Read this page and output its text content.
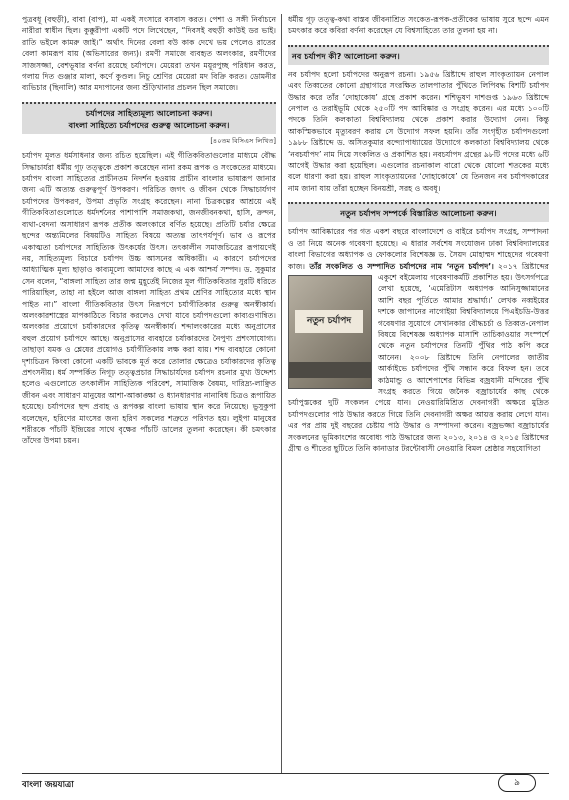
পুত্রবধূ (বহুড়ী), বাবা (বাপ), মা একই সংসারে বসবাস করত। পেশা ও সঙ্গী নির্বাচনে নারীরা স্বাধীন ছিল। কুক্কুরীপা একটি পদে লিখেছেন, “দিবসই বহুড়ী কাউই ডর ভাই। রাতি ভইলে কামরু জাই।” অর্থাৎ দিনের বেলা বউ কাক দেখে ভয় পেলেও রাতের বেলা কামরূপ যায় (অভিসারের জন্য)। রমণী সমাজে ব্যবহৃত অলংকার, রমণীদের সাজসজ্জা, বেশভূষার বর্ণনা রয়েছে চর্যাপদে। মেয়েরা তখন ময়ূরপুচ্ছ পরিধান করত, গলায় দিত গুঞ্জার মালা, কর্ণে কুণ্ডল। নিচু শ্রেণির মেয়েরা মদ বিক্রি করত। ডোমনীর ব্যভিচার (ছিনালি) আর মদ্যপানের জন্য শুঁড়িখানার প্রচলন ছিল সমাজে।

চর্যাপদের সাহিত্যমূল্য আলোচনা করুন।
বাংলা সাহিত্যে চর্যাপদের গুরুত্ব আলোচনা করুন।
[৪০তম বিসিএস লিখিত]

চর্যাপদ মূলত ধর্মসাধনার জন্য রচিত হয়েছিল। এই গীতিকবিতাগুলোর মাধ্যমে বৌদ্ধ সিদ্ধাচার্যরা ধর্মীয় গূঢ় তত্ত্বকে প্রকাশ করেছেন নানা রকম রূপক ও সংকেতের মাধ্যমে। চর্যাপদ বাংলা সাহিত্যের প্রাচীনতম নিদর্শন হওয়ায় প্রাচীন বাংলার ভাষারূপ জানার জন্য এটি অত্যন্ত গুরুত্বপূর্ণ উপকরণ। পরিচিত জগৎ ও জীবন থেকে সিদ্ধাচার্যগণ চর্যাপদের উপকরণ, উপমা প্রভৃতি সংগ্রহ করেছেন। নানা চিত্রকল্পের আশ্রয়ে এই গীতিকবিতাগুলোতে ধর্মদর্শনের পাশাপাশি সমাজকথা, জনজীবনকথা, হাসি, ক্রন্দন, ব্যথা-বেদনা অসাধারণ রূপক প্রতীক অলংকারে বর্ণিত হয়েছে। প্রতিটি চর্যার ক্ষেত্রে ছন্দের অন্ত্যমিলের বিষয়টিও সাহিত্য বিষয়ে অত্যন্ত তাৎপর্যপূর্ণ। ভাব ও রূপের একাত্মতা চর্যাপদের সাহিত্যিক উৎকর্ষের উৎস। তৎকালীন সমাজচিত্রের রূপায়ণেই নয়, সাহিত্যমূল্য বিচারে চর্যাপদ উচ্চ আসনের অধিকারী। এ কারণে চর্যাপদের আধ্যাত্মিক মূল্য ছাড়াও কাব্যমূল্যে আমাদের কাছে এ এক আশ্চর্য সম্পদ। ড. সুকুমার সেন বলেন, “বাঙ্গলা সাহিত্য তার জন্ম মুহূর্তেই নিজের মূল গীতিকবিতার সুরটি ধরিতে পারিয়াছিল, তাহা না হইলে আজ বাঙ্গলা সাহিত্য প্রথম শ্রেণির সাহিত্যের মধ্যে স্থান পাইত না।” বাংলা গীতিকবিতার উৎস নিরূপণে চর্যাগীতিকার গুরুত্ব অনস্বীকার্য। অলংকারশাস্ত্রের মাপকাঠিতে বিচার করলেও দেখা যাবে চর্যাপদগুলো কাব্যগুণান্বিত। অলংকার প্রয়োগে চর্যাকারদের কৃতিত্ব অনস্বীকার্য। শব্দালংকারের মধ্যে অনুপ্রাসের বহুল প্রয়োগ চর্যাপদে আছে। অনুপ্রাসের ব্যবহারে চর্যাকারদের নৈপুণ্য প্রশংসাযোগ্য। তাছাড়া যমক ও শ্লেষের প্রয়োগও চর্যাগীতিকায় লক্ষ করা যায়। শব্দ ব্যবহারে কোনো দৃশ্যচিত্রন কিংবা কোনো একটি ভাবকে মূর্ত করে তোলার ক্ষেত্রেও চর্যাকারদের কৃতিত্ব প্রশংসনীয়। ধর্ম সম্পর্কিত নিগূঢ় তত্ত্বপ্রচার সিদ্ধাচার্যদের চর্যাপদ রচনার মুখ্য উদ্দেশ্য হলেও এগুলোতে তৎকালীন সাহিত্যিক পরিবেশ, সামাজিক বৈষম্য, দারিদ্র্য-লাঞ্ছিত জীবন এবং সাধারণ মানুষের আশা-আকাঙ্ক্ষা ও ধ্যানধারণার নানাবিধ চিত্রও রূপায়িত হয়েছে। চর্যাপদের ছন্দ প্রবাহ ও রূপকল্প বাংলা ভাষায় স্থান করে নিয়েছে। ভুসুকুপা বলেছেন, হরিণের মাংসের জন্য হরিণ সকলের শত্রুতে পরিণত হয়। লুইপা মানুষের শরীরকে পাঁচটি ইন্দ্রিয়ের সাথে বৃক্ষের পাঁচটি ডালের তুলনা করেছেন। কী চমৎকার তাঁদের উপমা চয়ন।

ধর্মীয় গূঢ় তত্ত্ব-কথা বাস্তব জীবনাশ্রিত সংকেত-রূপক-প্রতীকের ভাষায় সুরে ছন্দে এমন চমৎকার করে কবিরা বর্ণনা করেছেন যে বিশ্বসাহিত্যে তার তুলনা হয় না।

নব চর্যাপদ কী? আলোচনা করুন।

নব চর্যাপদ হলো চর্যাপদের অনুরূপ রচনা। ১৯৫৬ খ্রিষ্টাব্দে রাহুল সাংকৃত্যায়ন নেপাল এবং তিব্বতের কোনো গ্রন্থাগারে সংরক্ষিত তালপাতার পুঁথিতে লিপিবদ্ধ বিশটি চর্যাপদ উদ্ধার করে তাঁর ‘দোহাকোষ’ গ্রন্থে প্রকাশ করেন। শশিভূষণ দাশগুপ্ত ১৯৬৩ খ্রিষ্টাব্দে নেপাল ও তরাইভূমি থেকে ২৫০টি পদ আবিষ্কার ও সংগ্রহ করেন। এর মধ্যে ১০০টি পদকে তিনি কলকাতা বিশ্ববিদ্যালয় থেকে প্রকাশ করার উদ্যোগ নেন। কিন্তু আকস্মিকভাবে মৃত্যুবরণ করায় সে উদ্যোগ সফল হয়নি। তাঁর সংগৃহীত চর্যাপদগুলো ১৯৮৮ খ্রিষ্টাব্দে ড. অসিতকুমার বন্দ্যোপাধ্যায়ের উদ্যোগে কলকাতা বিশ্ববিদ্যালয় থেকে ‘নবচর্যাপদ’ নাম দিয়ে সংকলিত ও প্রকাশিত হয়। নবচর্যাপদ গ্রন্থের ৯৮টি পদের মধ্যে ৬টি আগেই উদ্ধার করা হয়েছিল। এগুলোর রচনাকাল বারো থেকে ষোলো শতকের মধ্যে বলে ধারণা করা হয়। রাহুল সাংকৃত্যায়নের ‘দোহাকোষে’ যে তিনজন নব চর্যাপদকারের নাম জানা যায় তাঁরা হচ্ছেন বিনয়শ্রী, সরহ ও অবধূ।

নতুন চর্যাপদ সম্পর্কে বিস্তারিত আলোচনা করুন।

চর্যাপদ আবিষ্কারের পর গত একশ বছরে বাংলাদেশে ও বাইরে চর্যাপদ সংগ্রহ, সম্পাদনা ও তা নিয়ে অনেক গবেষণা হয়েছে। এ ধারার সর্বশেষ সংযোজন ঢাকা বিশ্ববিদ্যালয়ের বাংলা বিভাগের অধ্যাপক ও ফোকলোর বিশেষজ্ঞ ড. সৈয়দ মোহাম্মদ শাহেদের গবেষণা কাজ। তাঁর সংকলিত ও সম্পাদিত চর্যাপদের নাম ‘নতুন চর্যাপদ’।
নতুন চর্যাপদ
২০১৭ খ্রিষ্টাব্দের একুশে বইমেলায় গবেষণাকর্মটি প্রকাশিত হয়। উৎসর্গপত্রে লেখা হয়েছে, ‘এমেরিটাস অধ্যাপক আনিসুজ্জামানের আশি বছর পূর্তিতে আমার শ্রদ্ধার্ঘ্য।’ লেখক নব্বইয়ের দশকে জাপানের নাগোইয়া বিশ্ববিদ্যালয়ে পিএইচডি-উত্তর গবেষণার সুযোগে সেখানকার বৌদ্ধচর্চা ও তিব্বত-নেপাল বিষয়ে বিশেষজ্ঞ অধ্যাপক মাসাশি তাচিকাওয়ার সংস্পর্শে থেকে নতুন চর্যাপদের তিনটি পুঁথির পাঠ কপি করে আনেন। ২০০৮ খ্রিষ্টাব্দে তিনি নেপালের জাতীয় আর্কাইভে চর্যাপদের পুঁথি সন্ধান করে বিফল হন। তবে কাঠমান্ডু ও আশেপাশের বিভিন্ন বজ্রযানী মন্দিরের পুঁথি সংগ্রহ করতে গিয়ে জনৈক বজ্রাচার্যের কাছ থেকে চর্যাপুস্তকের দুটি সংকলন পেয়ে যান। নেওয়ারিমিশ্রিত দেবনাগরী অক্ষরে মুদ্রিত চর্যাপদগুলোর পাঠ উদ্ধার করতে গিয়ে তিনি দেবনাগরী অক্ষর আয়ত্ত করায় লেগে যান। এর পর প্রায় দুই বছরের চেষ্টায় পাঠ উদ্ধার ও সম্পাদনা করেন। বজ্রভজ্জা বজ্রাচার্যের সংকলনের ভূমিকাংশের অবোধ্য পাঠ উদ্ধারের জন্য ২০১৩, ২০১৪ ও ২০১৫ খ্রিষ্টাব্দের গ্রীষ্ম ও শীতের ছুটিতে তিনি কানাডার টরন্টোবাসী নেওয়ারি বিমল শ্রেষ্ঠার সহযোগিতা

বাংলা জয়যাত্রা	৯
